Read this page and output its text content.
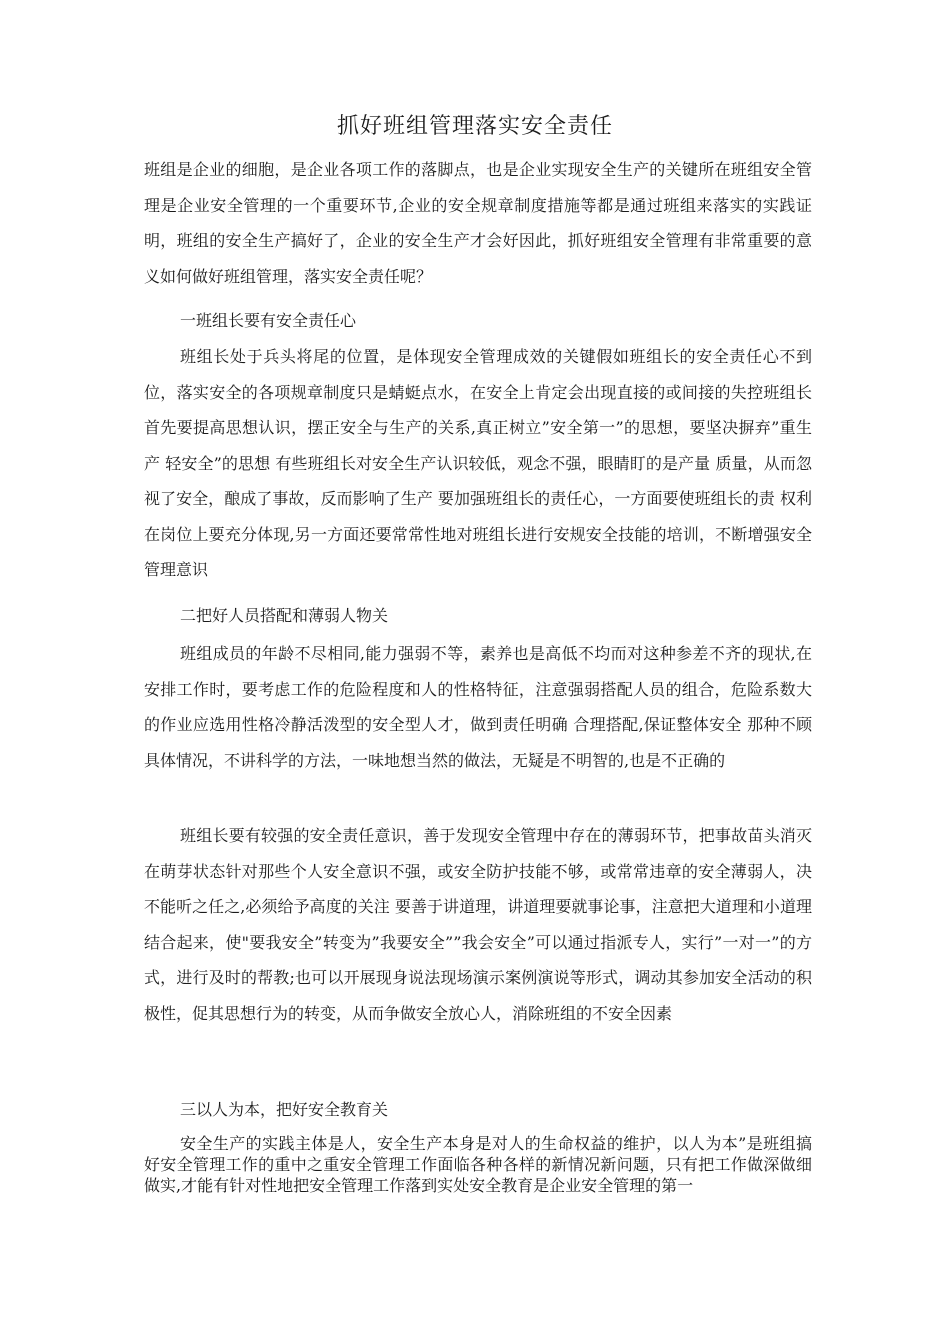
抓好班组管理落实安全责任

班组是企业的细胞，是企业各项工作的落脚点，也是企业实现安全生产的关键所在班组安全管理是企业安全管理的一个重要环节,企业的安全规章制度措施等都是通过班组来落实的实践证明，班组的安全生产搞好了，企业的安全生产才会好因此，抓好班组安全管理有非常重要的意义如何做好班组管理，落实安全责任呢？

一班组长要有安全责任心

班组长处于兵头将尾的位置，是体现安全管理成效的关键假如班组长的安全责任心不到位，落实安全的各项规章制度只是蜻蜓点水，在安全上肯定会出现直接的或间接的失控班组长首先要提高思想认识，摆正安全与生产的关系,真正树立”安全第一”的思想，要坚决摒弃”重生产 轻安全”的思想 有些班组长对安全生产认识较低，观念不强，眼睛盯的是产量 质量，从而忽视了安全，酿成了事故，反而影响了生产 要加强班组长的责任心，一方面要使班组长的责 权利在岗位上要充分体现,另一方面还要常常性地对班组长进行安规安全技能的培训，不断增强安全管理意识

二把好人员搭配和薄弱人物关

班组成员的年龄不尽相同,能力强弱不等，素养也是高低不均而对这种参差不齐的现状,在安排工作时，要考虑工作的危险程度和人的性格特征，注意强弱搭配人员的组合，危险系数大的作业应选用性格冷静活泼型的安全型人才，做到责任明确 合理搭配,保证整体安全 那种不顾具体情况，不讲科学的方法，一味地想当然的做法，无疑是不明智的,也是不正确的

班组长要有较强的安全责任意识，善于发现安全管理中存在的薄弱环节，把事故苗头消灭在萌芽状态针对那些个人安全意识不强，或安全防护技能不够，或常常违章的安全薄弱人，决不能听之任之,必须给予高度的关注 要善于讲道理，讲道理要就事论事，注意把大道理和小道理结合起来，使"要我安全”转变为”我要安全””我会安全”可以通过指派专人，实行”一对一”的方式，进行及时的帮教;也可以开展现身说法现场演示案例演说等形式，调动其参加安全活动的积极性，促其思想行为的转变，从而争做安全放心人，消除班组的不安全因素

三以人为本，把好安全教育关

安全生产的实践主体是人，安全生产本身是对人的生命权益的维护，以人为本”是班组搞好安全管理工作的重中之重安全管理工作面临各种各样的新情况新问题，只有把工作做深做细做实,才能有针对性地把安全管理工作落到实处安全教育是企业安全管理的第一
